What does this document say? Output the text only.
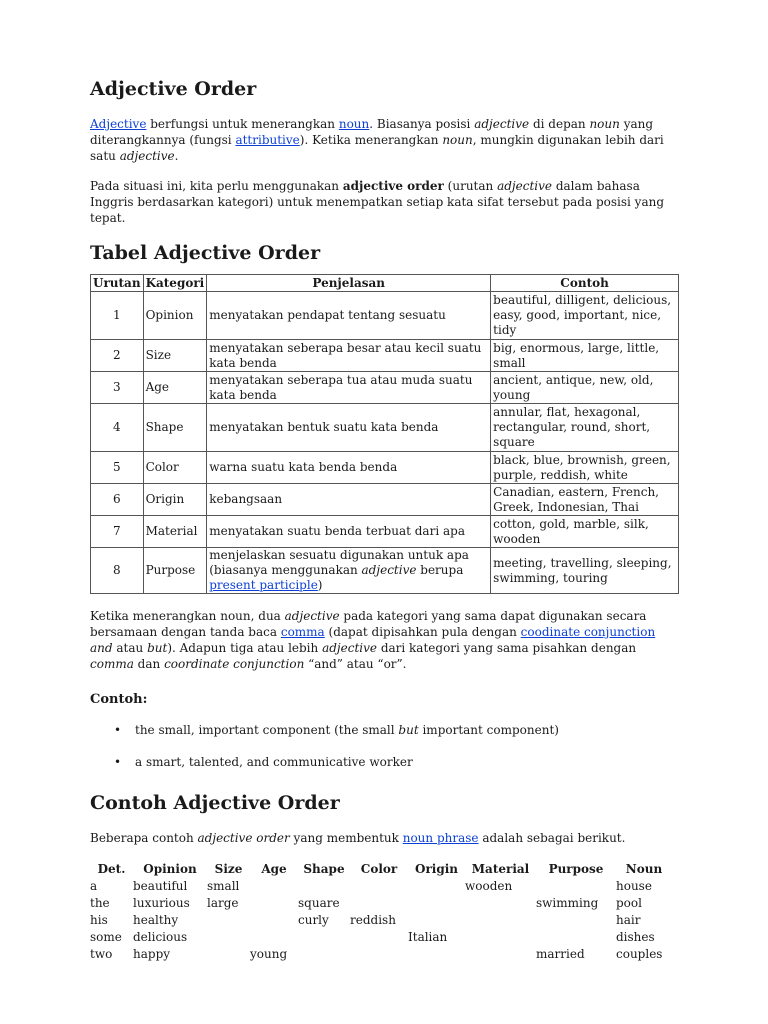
Adjective Order

Adjective berfungsi untuk menerangkan noun. Biasanya posisi adjective di depan noun yang diterangkannya (fungsi attributive). Ketika menerangkan noun, mungkin digunakan lebih dari satu adjective.

Pada situasi ini, kita perlu menggunakan adjective order (urutan adjective dalam bahasa Inggris berdasarkan kategori) untuk menempatkan setiap kata sifat tersebut pada posisi yang tepat.

Tabel Adjective Order
Urutan	Kategori	Penjelasan	Contoh
1	Opinion	menyatakan pendapat tentang sesuatu	beautiful, dilligent, delicious, easy, good, important, nice, tidy
2	Size	menyatakan seberapa besar atau kecil suatu kata benda	big, enormous, large, little, small
3	Age	menyatakan seberapa tua atau muda suatu kata benda	ancient, antique, new, old, young
4	Shape	menyatakan bentuk suatu kata benda	annular, flat, hexagonal, rectangular, round, short, square
5	Color	warna suatu kata benda benda	black, blue, brownish, green, purple, reddish, white
6	Origin	kebangsaan	Canadian, eastern, French, Greek, Indonesian, Thai
7	Material	menyatakan suatu benda terbuat dari apa	cotton, gold, marble, silk, wooden
8	Purpose	menjelaskan sesuatu digunakan untuk apa (biasanya menggunakan adjective berupa present participle)	meeting, travelling, sleeping, swimming, touring

Ketika menerangkan noun, dua adjective pada kategori yang sama dapat digunakan secara bersamaan dengan tanda baca comma (dapat dipisahkan pula dengan coodinate conjunction and atau but). Adapun tiga atau lebih adjective dari kategori yang sama pisahkan dengan comma dan coordinate conjunction “and” atau “or”.

Contoh:

• the small, important component (the small but important component)
• a smart, talented, and communicative worker
Contoh Adjective Order

Beberapa contoh adjective order yang membentuk noun phrase adalah sebagai berikut.

Det.	Opinion	Size	Age	Shape	Color	Origin	Material	Purpose	Noun
a	beautiful	small					wooden		house
the	luxurious	large		square				swimming	pool
his	healthy			curly	reddish				hair
some	delicious					Italian			dishes
two	happy		young					married	couples
